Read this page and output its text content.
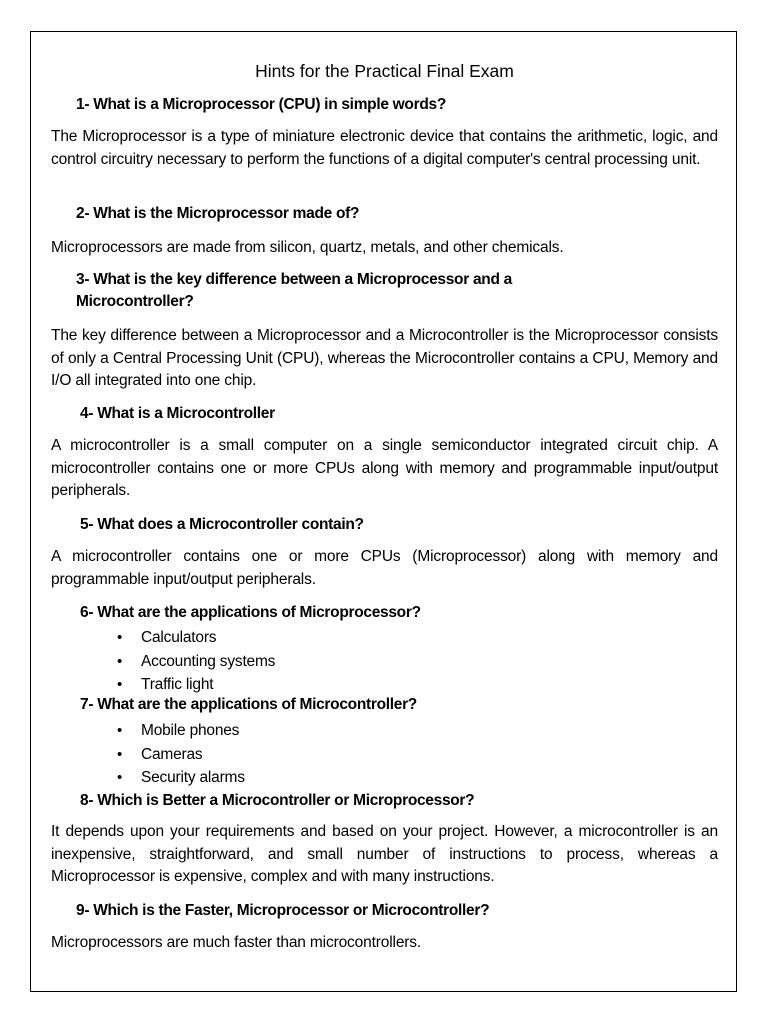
Hints for the Practical Final Exam
1- What is a Microprocessor (CPU) in simple words?
The Microprocessor is a type of miniature electronic device that contains the arithmetic, logic, and control circuitry necessary to perform the functions of a digital computer's central processing unit.
2- What is the Microprocessor made of?
Microprocessors are made from silicon, quartz, metals, and other chemicals.
3- What is the key difference between a Microprocessor and a
Microcontroller?
The key difference between a Microprocessor and a Microcontroller is the Microprocessor consists of only a Central Processing Unit (CPU), whereas the Microcontroller contains a CPU, Memory and I/O all integrated into one chip.
4- What is a Microcontroller
A microcontroller is a small computer on a single semiconductor integrated circuit chip. A microcontroller contains one or more CPUs along with memory and programmable input/output peripherals.
5- What does a Microcontroller contain?
A microcontroller contains one or more CPUs (Microprocessor) along with memory and programmable input/output peripherals.
6- What are the applications of Microprocessor?
• Calculators
• Accounting systems
• Traffic light
7- What are the applications of Microcontroller?
• Mobile phones
• Cameras
• Security alarms
8- Which is Better a Microcontroller or Microprocessor?
It depends upon your requirements and based on your project. However, a microcontroller is an inexpensive, straightforward, and small number of instructions to process, whereas a Microprocessor is expensive, complex and with many instructions.
9- Which is the Faster, Microprocessor or Microcontroller?
Microprocessors are much faster than microcontrollers.
